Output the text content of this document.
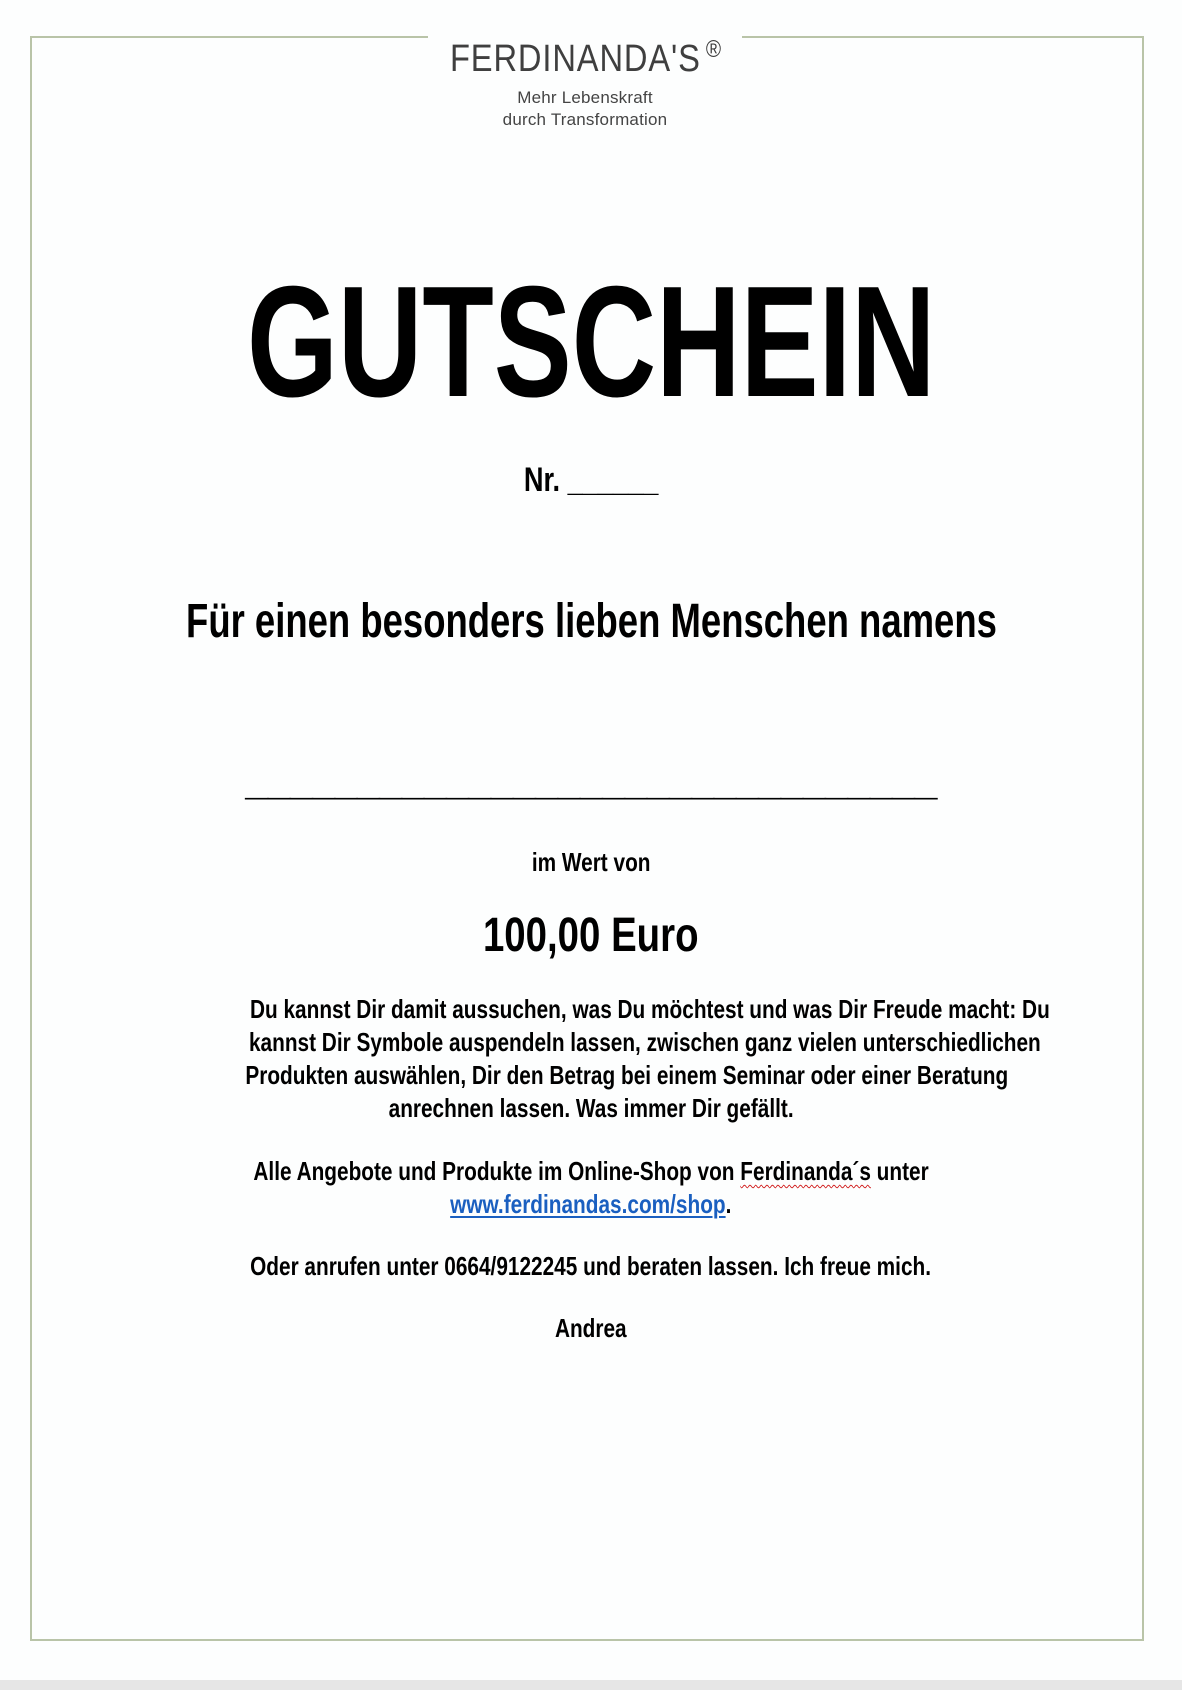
FERDINANDA'S ®
Mehr Lebenskraft
durch Transformation
GUTSCHEIN
Nr. ______
Für einen besonders lieben Menschen namens
_______________________________
im Wert von
100,00 Euro
Du kannst Dir damit aussuchen, was Du möchtest und was Dir Freude macht: Du
kannst Dir Symbole auspendeln lassen, zwischen ganz vielen unterschiedlichen
Produkten auswählen, Dir den Betrag bei einem Seminar oder einer Beratung
anrechnen lassen. Was immer Dir gefällt.
Alle Angebote und Produkte im Online-Shop von Ferdinanda´s unter
www.ferdinandas.com/shop.
Oder anrufen unter 0664/9122245 und beraten lassen. Ich freue mich.
Andrea
